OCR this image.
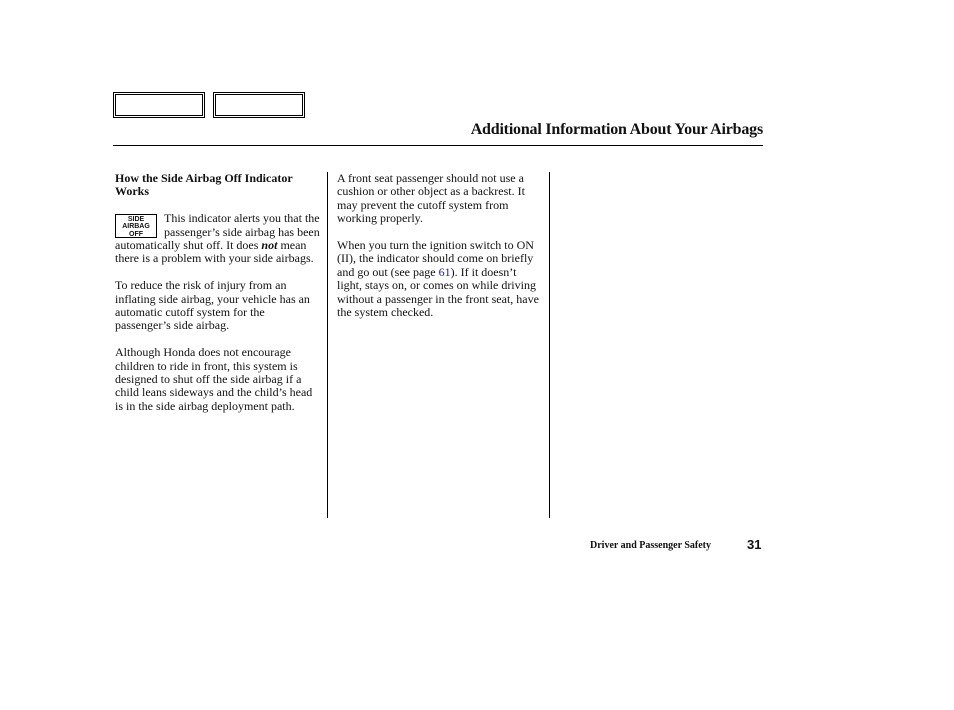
Additional Information About Your Airbags

How the Side Airbag Off Indicator Works

SIDE
AIRBAG
OFF
This indicator alerts you that the passenger’s side airbag has been automatically shut off. It does not mean there is a problem with your side airbags.

To reduce the risk of injury from an inflating side airbag, your vehicle has an automatic cutoff system for the passenger’s side airbag.

Although Honda does not encourage children to ride in front, this system is designed to shut off the side airbag if a child leans sideways and the child’s head is in the side airbag deployment path.

A front seat passenger should not use a cushion or other object as a backrest. It may prevent the cutoff system from working properly.

When you turn the ignition switch to ON (II), the indicator should come on briefly and go out (see page 61). If it doesn’t light, stays on, or comes on while driving without a passenger in the front seat, have the system checked.

Driver and Passenger Safety	31
